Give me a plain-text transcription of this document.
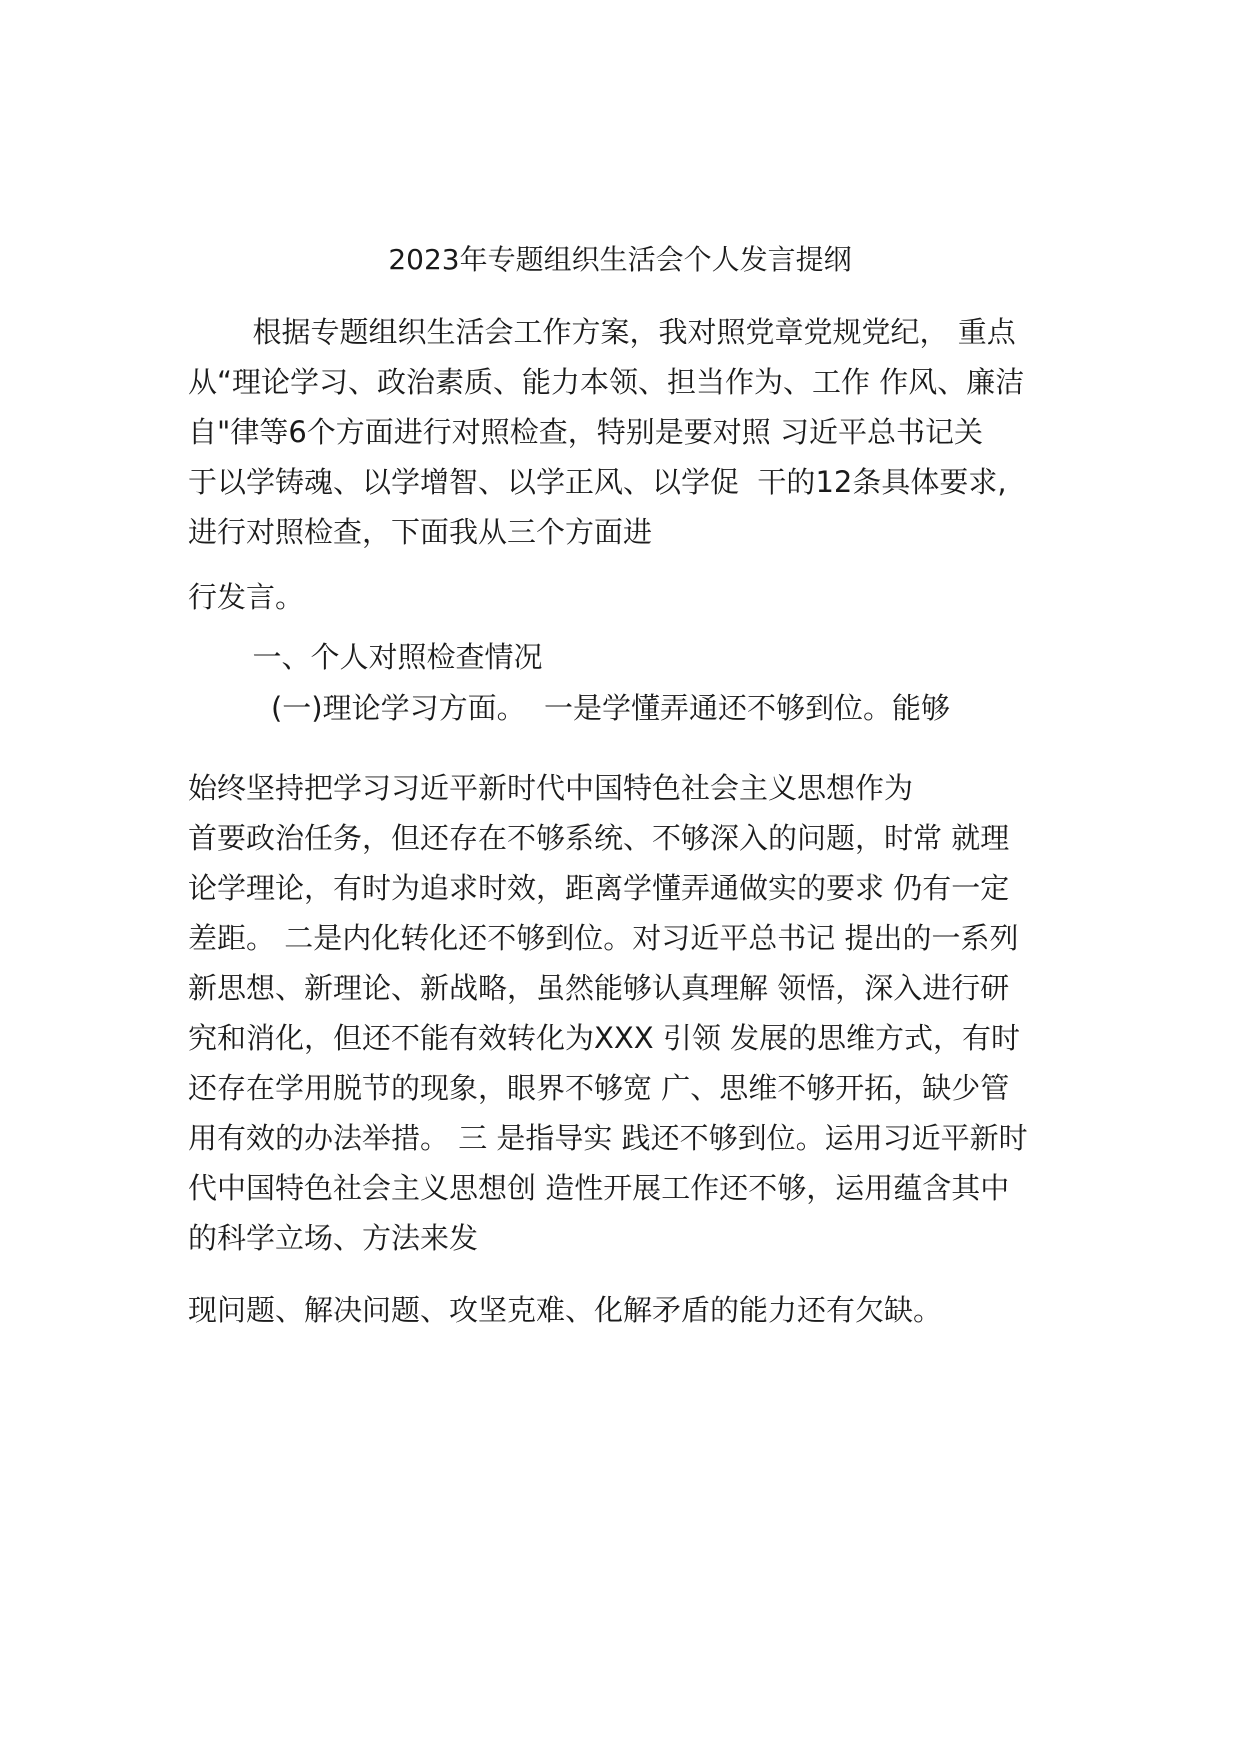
2023年专题组织生活会个人发言提纲

根据专题组织生活会工作方案，我对照党章党规党纪， 重点

从“理论学习、政治素质、能力本领、担当作为、工作 作风、廉洁

自"律等6个方面进行对照检查，特别是要对照 习近平总书记关

于以学铸魂、以学增智、以学正风、以学促  干的12条具体要求,

进行对照检查，下面我从三个方面进

行发言。

一、个人对照检查情况

(一)理论学习方面。  一是学懂弄通还不够到位。能够

始终坚持把学习习近平新时代中国特色社会主义思想作为

首要政治任务，但还存在不够系统、不够深入的问题，时常 就理

论学理论，有时为追求时效，距离学懂弄通做实的要求 仍有一定

差距。 二是内化转化还不够到位。对习近平总书记 提出的一系列

新思想、新理论、新战略，虽然能够认真理解 领悟，深入进行研

究和消化，但还不能有效转化为XXX 引领 发展的思维方式，有时

还存在学用脱节的现象，眼界不够宽 广、思维不够开拓，缺少管

用有效的办法举措。 三 是指导实 践还不够到位。运用习近平新时

代中国特色社会主义思想创 造性开展工作还不够，运用蕴含其中

的科学立场、方法来发

现问题、解决问题、攻坚克难、化解矛盾的能力还有欠缺。
